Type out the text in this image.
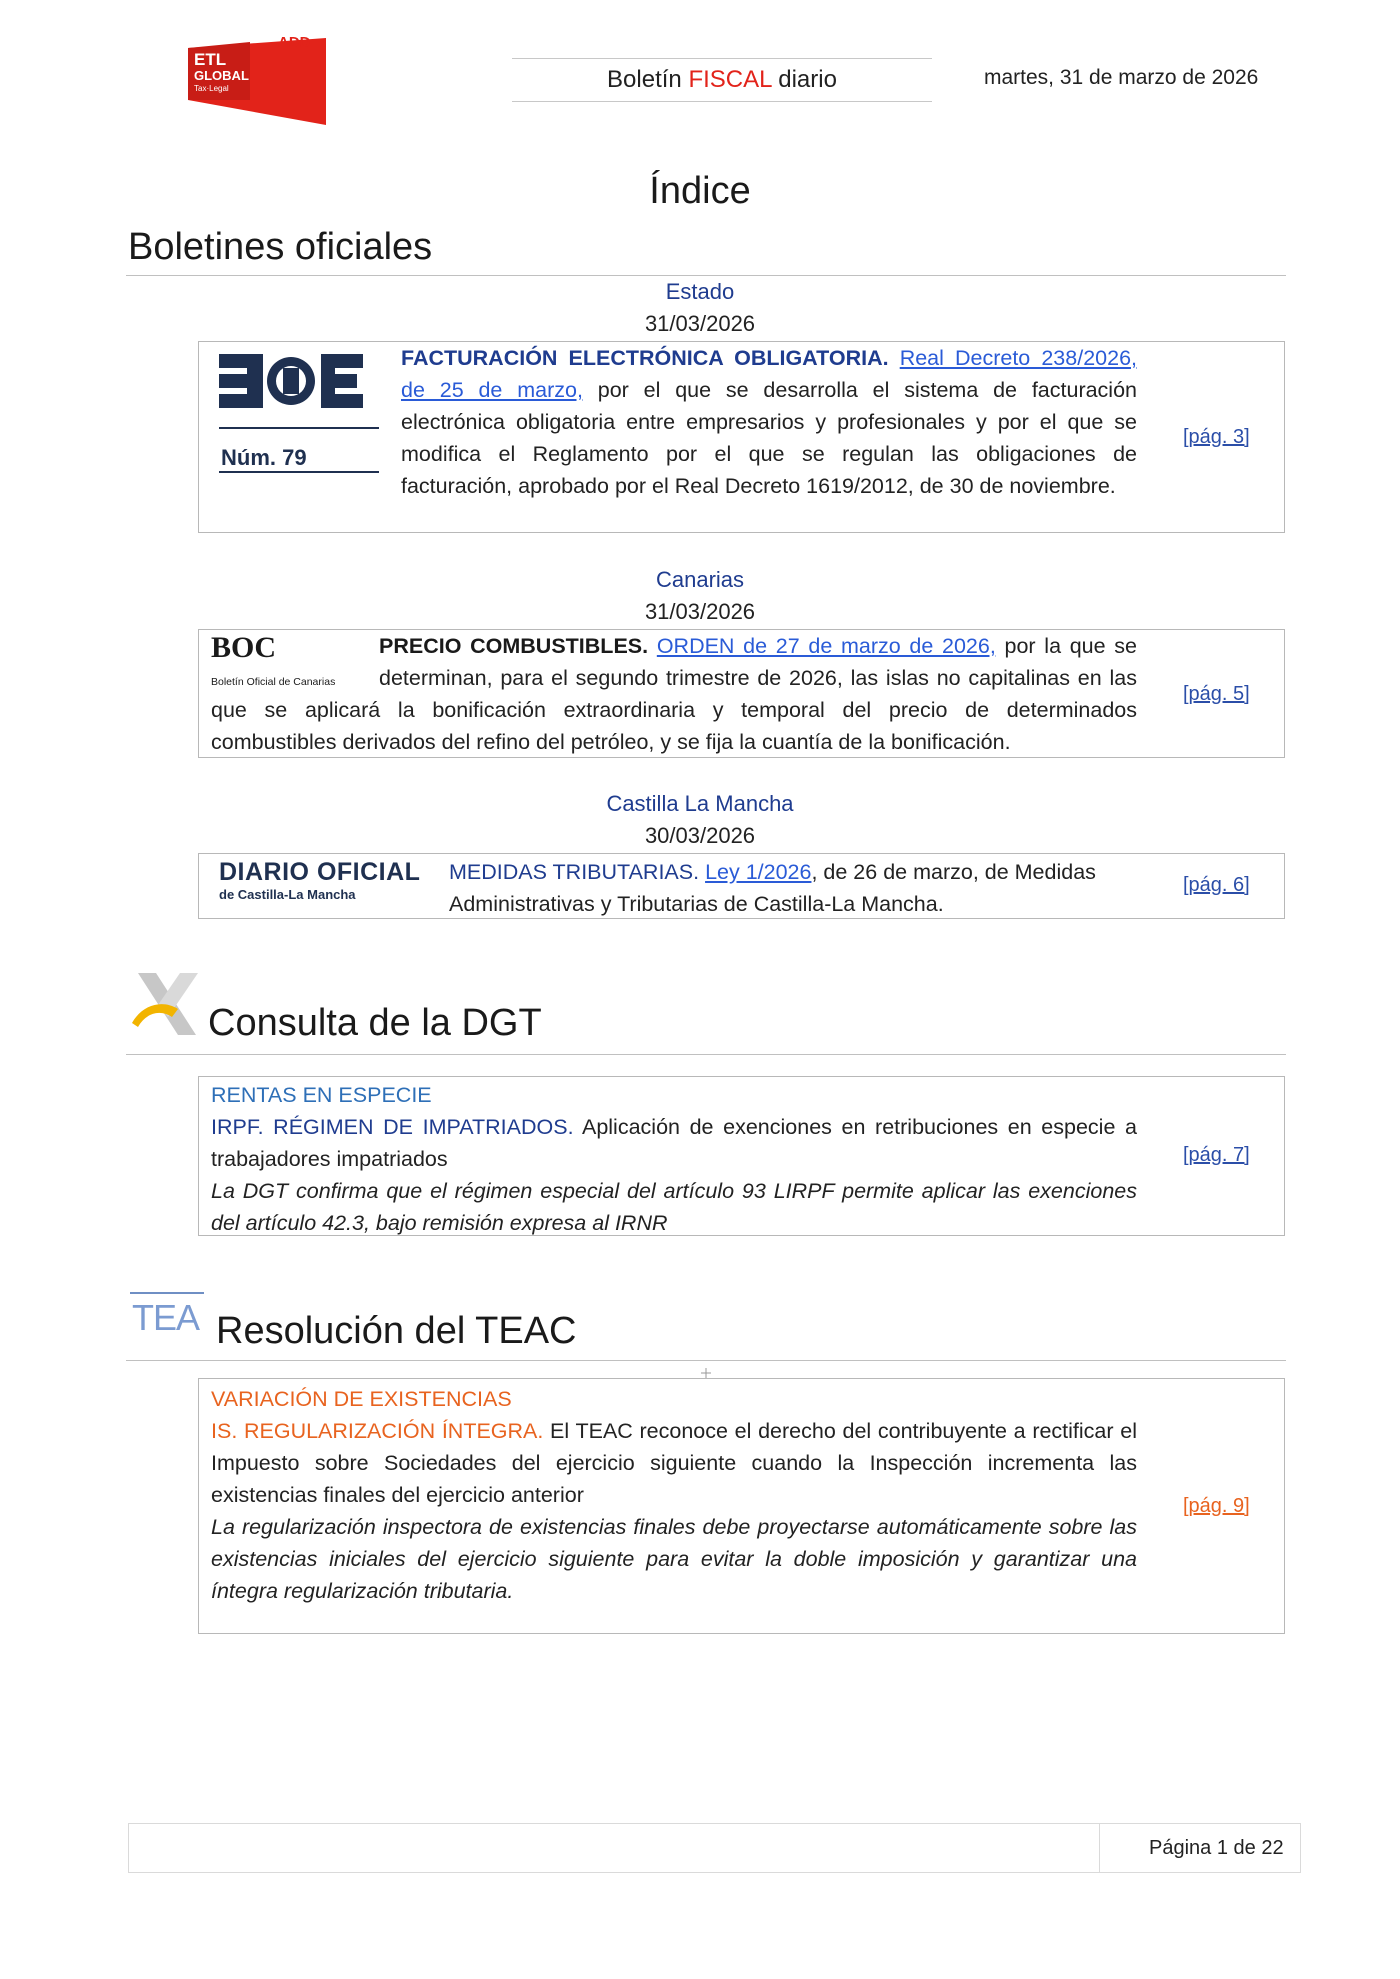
ADD
ETL
GLOBAL
Tax·Legal	Boletín FISCAL diario	martes, 31 de marzo de 2026
Índice
Boletines oficiales
Estado
31/03/2026
Núm. 79
FACTURACIÓN ELECTRÓNICA OBLIGATORIA. Real Decreto 238/2026, de 25 de marzo, por el que se desarrolla el sistema de facturación electrónica obligatoria entre empresarios y profesionales y por el que se modifica el Reglamento por el que se regulan las obligaciones de facturación, aprobado por el Real Decreto 1619/2012, de 30 de noviembre.
[pág. 3]
Canarias
31/03/2026
BOC
Boletín Oficial de Canarias
PRECIO COMBUSTIBLES. ORDEN de 27 de marzo de 2026, por la que se determinan, para el segundo trimestre de 2026, las islas no capitalinas en las que se aplicará la bonificación extraordinaria y temporal del precio de determinados combustibles derivados del refino del petróleo, y se fija la cuantía de la bonificación.
[pág. 5]
Castilla La Mancha
30/03/2026
DIARIO OFICIAL
de Castilla-La Mancha
MEDIDAS TRIBUTARIAS. Ley 1/2026, de 26 de marzo, de Medidas Administrativas y Tributarias de Castilla-La Mancha.
[pág. 6]
Consulta de la DGT
RENTAS EN ESPECIE
IRPF. RÉGIMEN DE IMPATRIADOS. Aplicación de exenciones en retribuciones en especie a trabajadores impatriados
La DGT confirma que el régimen especial del artículo 93 LIRPF permite aplicar las exenciones del artículo 42.3, bajo remisión expresa al IRNR
[pág. 7]
TEA Resolución del TEAC
VARIACIÓN DE EXISTENCIAS
IS. REGULARIZACIÓN ÍNTEGRA. El TEAC reconoce el derecho del contribuyente a rectificar el Impuesto sobre Sociedades del ejercicio siguiente cuando la Inspección incrementa las existencias finales del ejercicio anterior
La regularización inspectora de existencias finales debe proyectarse automáticamente sobre las existencias iniciales del ejercicio siguiente para evitar la doble imposición y garantizar una íntegra regularización tributaria.
[pág. 9]
Página 1 de 22
